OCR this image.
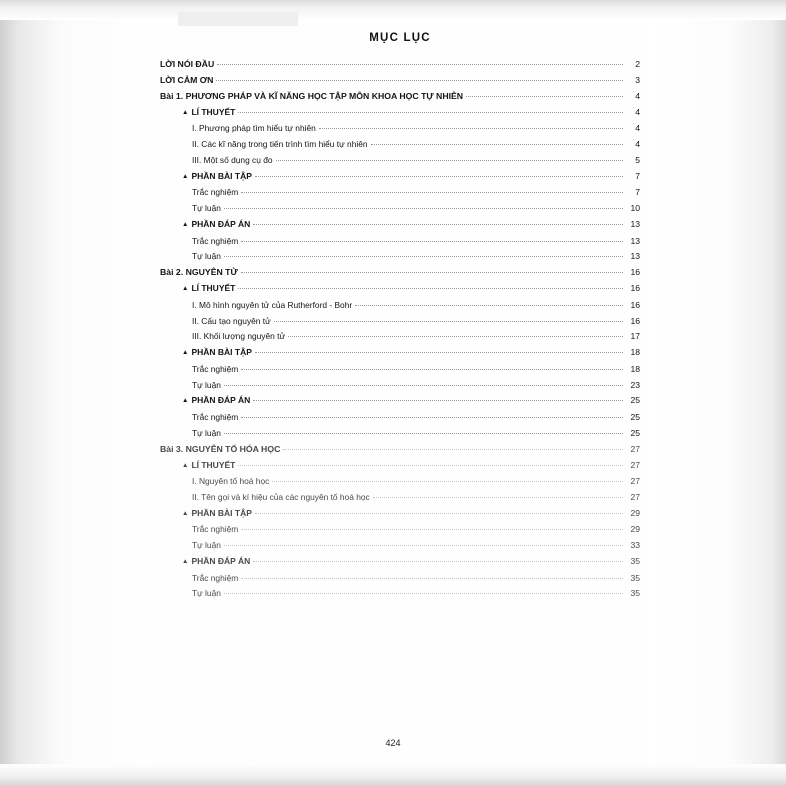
MỤC LỤC
LỜI NÓI ĐẦU	2
LỜI CẢM ƠN	3
Bài 1. PHƯƠNG PHÁP VÀ KĨ NĂNG HỌC TẬP MÔN KHOA HỌC TỰ NHIÊN	4
▲ LÍ THUYẾT	4
I. Phương pháp tìm hiểu tự nhiên	4
II. Các kĩ năng trong tiến trình tìm hiểu tự nhiên	4
III. Một số dụng cụ đo	5
▲ PHẦN BÀI TẬP	7
Trắc nghiệm	7
Tự luận	10
▲ PHẦN ĐÁP ÁN	13
Trắc nghiệm	13
Tự luận	13
Bài 2. NGUYÊN TỬ	16
▲ LÍ THUYẾT	16
I. Mô hình nguyên tử của Rutherford - Bohr	16
II. Cấu tạo nguyên tử	16
III. Khối lượng nguyên tử	17
▲ PHẦN BÀI TẬP	18
Trắc nghiệm	18
Tự luận	23
▲ PHẦN ĐÁP ÁN	25
Trắc nghiệm	25
Tự luận	25
Bài 3. NGUYÊN TỐ HÓA HỌC	27
▲ LÍ THUYẾT	27
I. Nguyên tố hoá học	27
II. Tên gọi và kí hiệu của các nguyên tố hoá học	27
▲ PHẦN BÀI TẬP	29
Trắc nghiệm	29
Tự luận	33
▲ PHẦN ĐÁP ÁN	35
Trắc nghiệm	35
Tự luận	35
424
